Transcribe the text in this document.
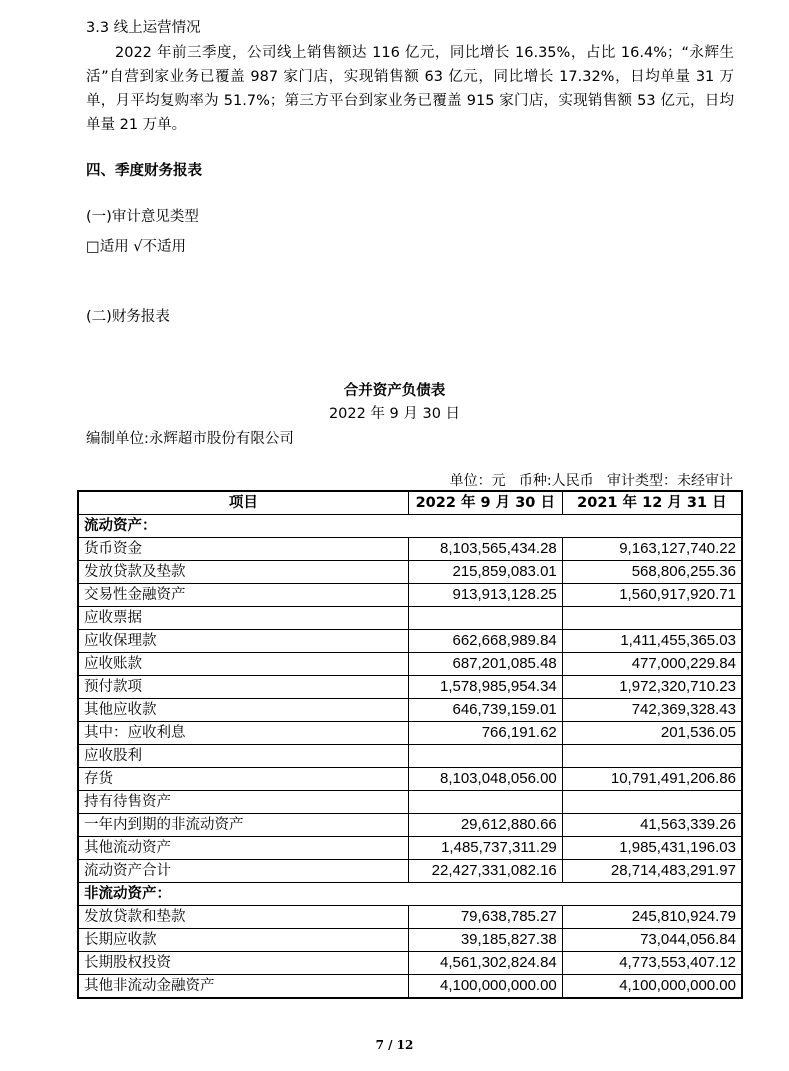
3.3 线上运营情况

2022 年前三季度，公司线上销售额达 116 亿元，同比增长 16.35%，占比 16.4%；“永辉生活”自营到家业务已覆盖 987 家门店，实现销售额 63 亿元，同比增长 17.32%，日均单量 31 万单，月平均复购率为 51.7%；第三方平台到家业务已覆盖 915 家门店，实现销售额 53 亿元，日均单量 21 万单。

四、季度财务报表
(一)审计意见类型
□适用 √不适用
(二)财务报表
合并资产负债表
2022 年 9 月 30 日
编制单位:永辉超市股份有限公司
单位：元   币种:人民币   审计类型：未经审计
项目	2022 年 9 月 30 日	2021 年 12 月 31 日
流动资产：		
货币资金	8,103,565,434.28	9,163,127,740.22
发放贷款及垫款	215,859,083.01	568,806,255.36
交易性金融资产	913,913,128.25	1,560,917,920.71
应收票据		
应收保理款	662,668,989.84	1,411,455,365.03
应收账款	687,201,085.48	477,000,229.84
预付款项	1,578,985,954.34	1,972,320,710.23
其他应收款	646,739,159.01	742,369,328.43
其中：应收利息	766,191.62	201,536.05
应收股利		
存货	8,103,048,056.00	10,791,491,206.86
持有待售资产		
一年内到期的非流动资产	29,612,880.66	41,563,339.26
其他流动资产	1,485,737,311.29	1,985,431,196.03
流动资产合计	22,427,331,082.16	28,714,483,291.97
非流动资产：		
发放贷款和垫款	79,638,785.27	245,810,924.79
长期应收款	39,185,827.38	73,044,056.84
长期股权投资	4,561,302,824.84	4,773,553,407.12
其他非流动金融资产	4,100,000,000.00	4,100,000,000.00
7 / 12
